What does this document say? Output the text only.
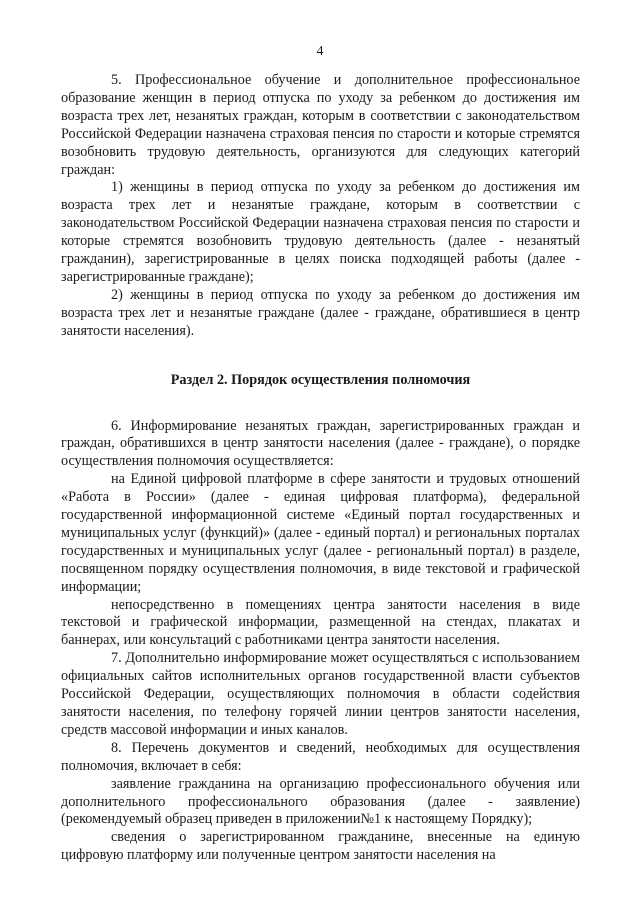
4

5. Профессиональное обучение и дополнительное профессиональное образование женщин в период отпуска по уходу за ребенком до достижения им возраста трех лет, незанятых граждан, которым в соответствии с законодательством Российской Федерации назначена страховая пенсия по старости и которые стремятся возобновить трудовую деятельность, организуются для следующих категорий граждан:

1) женщины в период отпуска по уходу за ребенком до достижения им возраста трех лет и незанятые граждане, которым в соответствии с законодательством Российской Федерации назначена страховая пенсия по старости и которые стремятся возобновить трудовую деятельность (далее - незанятый гражданин), зарегистрированные в целях поиска подходящей работы (далее - зарегистрированные граждане);

2) женщины в период отпуска по уходу за ребенком до достижения им возраста трех лет и незанятые граждане (далее - граждане, обратившиеся в центр занятости населения).

Раздел 2. Порядок осуществления полномочия

6. Информирование незанятых граждан, зарегистрированных граждан и граждан, обратившихся в центр занятости населения (далее - граждане), о порядке осуществления полномочия осуществляется:

на Единой цифровой платформе в сфере занятости и трудовых отношений «Работа в России» (далее - единая цифровая платформа), федеральной государственной информационной системе «Единый портал государственных и муниципальных услуг (функций)» (далее - единый портал) и региональных порталах государственных и муниципальных услуг (далее - региональный портал) в разделе, посвященном порядку осуществления полномочия, в виде текстовой и графической информации;

непосредственно в помещениях центра занятости населения в виде текстовой и графической информации, размещенной на стендах, плакатах и баннерах, или консультаций с работниками центра занятости населения.

7. Дополнительно информирование может осуществляться с использованием официальных сайтов исполнительных органов государственной власти субъектов Российской Федерации, осуществляющих полномочия в области содействия занятости населения, по телефону горячей линии центров занятости населения, средств массовой информации и иных каналов.

8. Перечень документов и сведений, необходимых для осуществления полномочия, включает в себя:

заявление гражданина на организацию профессионального обучения или дополнительного профессионального образования (далее - заявление) (рекомендуемый образец приведен в приложении№1 к настоящему Порядку);

сведения о зарегистрированном гражданине, внесенные на единую цифровую платформу или полученные центром занятости населения на
